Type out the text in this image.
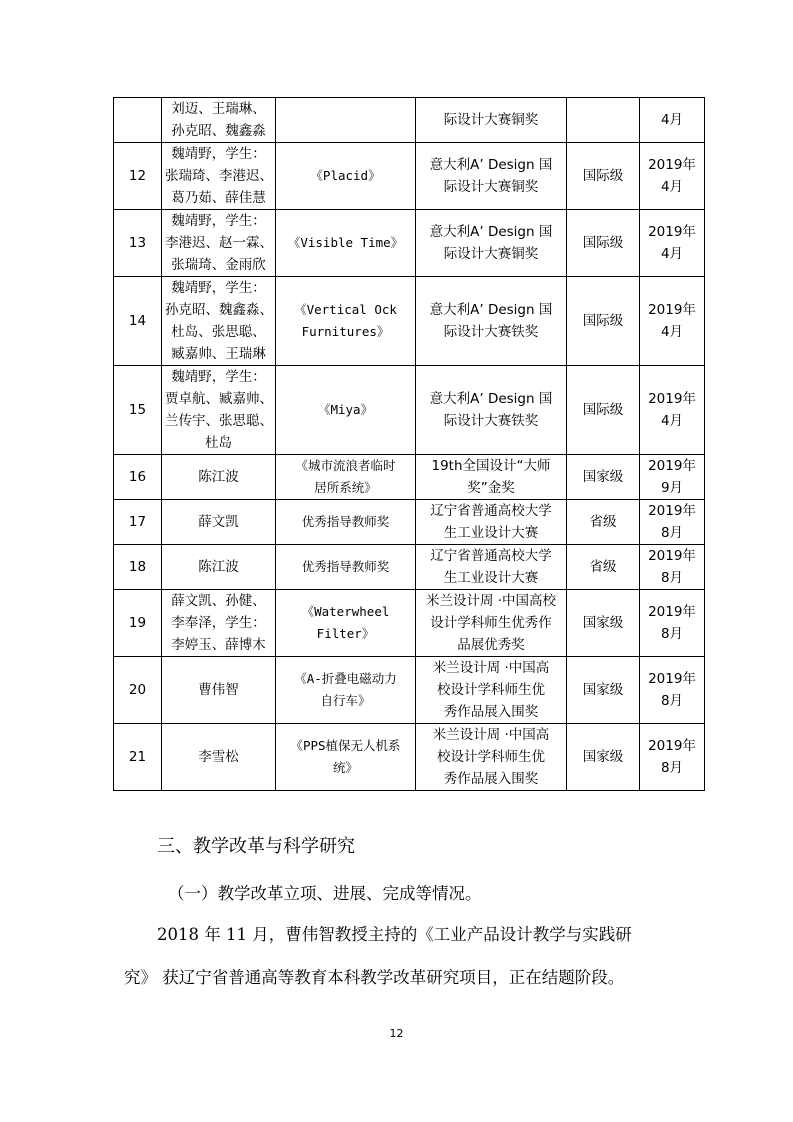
	刘迈、王瑞琳、
孙克昭、魏鑫淼		际设计大赛铜奖		4月

12	魏靖野，学生：
张瑞琦、李港迟、
葛乃茹、薛佳慧	《Placid》	意大利A’ Design 国
际设计大赛铜奖	国际级	2019年
4月

13	魏靖野，学生：
李港迟、赵一霖、
张瑞琦、金雨欣	《Visible Time》	意大利A’ Design 国
际设计大赛铜奖	国际级	2019年
4月

14	魏靖野，学生：
孙克昭、魏鑫淼、
杜岛、张思聪、
臧嘉帅、王瑞琳	《Vertical Ock
Furnitures》	意大利A’ Design 国
际设计大赛铁奖	国际级	2019年
4月

15	魏靖野，学生：
贾卓航、臧嘉帅、
兰传宇、张思聪、
杜岛	《Miya》	意大利A’ Design 国
际设计大赛铁奖	国际级	2019年
4月

16	陈江波	《城市流浪者临时
居所系统》	19th全国设计“大师
奖”金奖	国家级	2019年
9月

17	薛文凯	优秀指导教师奖	辽宁省普通高校大学
生工业设计大赛	省级	2019年
8月

18	陈江波	优秀指导教师奖	辽宁省普通高校大学
生工业设计大赛	省级	2019年
8月

19	薛文凯、孙健、
李奉泽，学生：
李婷玉、薛博木	《Waterwheel
Filter》	米兰设计周 ·中国高校
设计学科师生优秀作
品展优秀奖	国家级	2019年
8月

20	曹伟智	《A-折叠电磁动力
自行车》	米兰设计周 ·中国高
校设计学科师生优
秀作品展入围奖	国家级	2019年
8月

21	李雪松	《PPS植保无人机系
统》	米兰设计周 ·中国高
校设计学科师生优
秀作品展入围奖	国家级	2019年
8月
三、教学改革与科学研究
（一）教学改革立项、进展、完成等情况。
2018 年 11 月，曹伟智教授主持的《工业产品设计教学与实践研
究》 获辽宁省普通高等教育本科教学改革研究项目，正在结题阶段。
12
